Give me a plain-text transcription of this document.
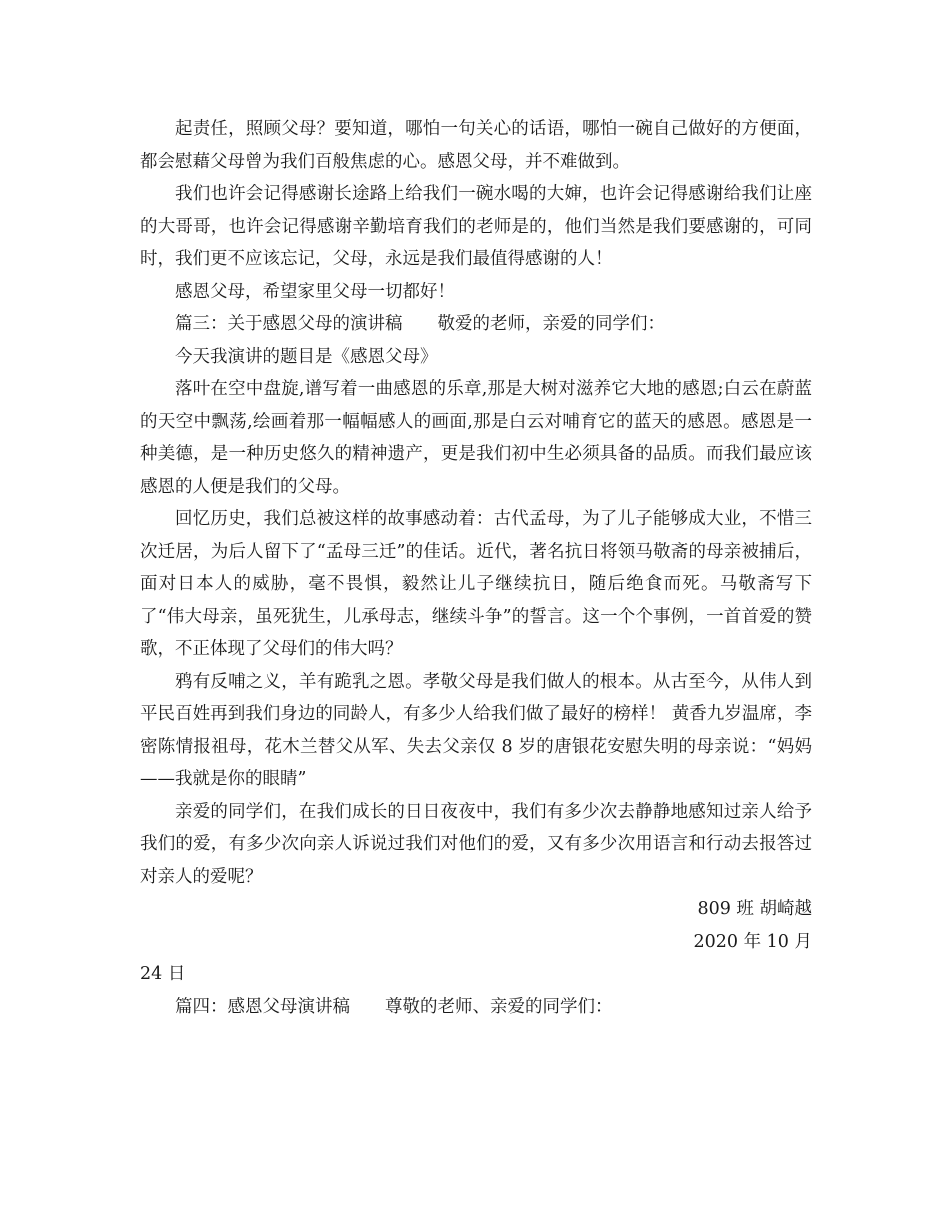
起责任，照顾父母？要知道，哪怕一句关心的话语，哪怕一碗自己做好的方便面，都会慰藉父母曾为我们百般焦虑的心。感恩父母，并不难做到。

我们也许会记得感谢长途路上给我们一碗水喝的大婶，也许会记得感谢给我们让座的大哥哥，也许会记得感谢辛勤培育我们的老师是的，他们当然是我们要感谢的，可同时，我们更不应该忘记，父母，永远是我们最值得感谢的人！

感恩父母，希望家里父母一切都好！

篇三：关于感恩父母的演讲稿　　敬爱的老师，亲爱的同学们：

今天我演讲的题目是《感恩父母》

落叶在空中盘旋,谱写着一曲感恩的乐章,那是大树对滋养它大地的感恩;白云在蔚蓝的天空中飘荡,绘画着那一幅幅感人的画面,那是白云对哺育它的蓝天的感恩。感恩是一种美德，是一种历史悠久的精神遗产，更是我们初中生必须具备的品质。而我们最应该感恩的人便是我们的父母。

回忆历史，我们总被这样的故事感动着：古代孟母，为了儿子能够成大业，不惜三次迁居，为后人留下了“孟母三迁”的佳话。近代，著名抗日将领马敬斋的母亲被捕后，面对日本人的威胁，毫不畏惧，毅然让儿子继续抗日，随后绝食而死。马敬斋写下了“伟大母亲，虽死犹生，儿承母志，继续斗争”的誓言。这一个个事例，一首首爱的赞歌，不正体现了父母们的伟大吗？

鸦有反哺之义，羊有跪乳之恩。孝敬父母是我们做人的根本。从古至今，从伟人到平民百姓再到我们身边的同龄人，有多少人给我们做了最好的榜样！ 黄香九岁温席，李密陈情报祖母，花木兰替父从军、失去父亲仅 8 岁的唐银花安慰失明的母亲说：“妈妈——我就是你的眼睛”

亲爱的同学们，在我们成长的日日夜夜中，我们有多少次去静静地感知过亲人给予我们的爱，有多少次向亲人诉说过我们对他们的爱，又有多少次用语言和行动去报答过对亲人的爱呢？

809 班 胡崎越

2020 年 10 月

24 日

篇四：感恩父母演讲稿　　尊敬的老师、亲爱的同学们：
